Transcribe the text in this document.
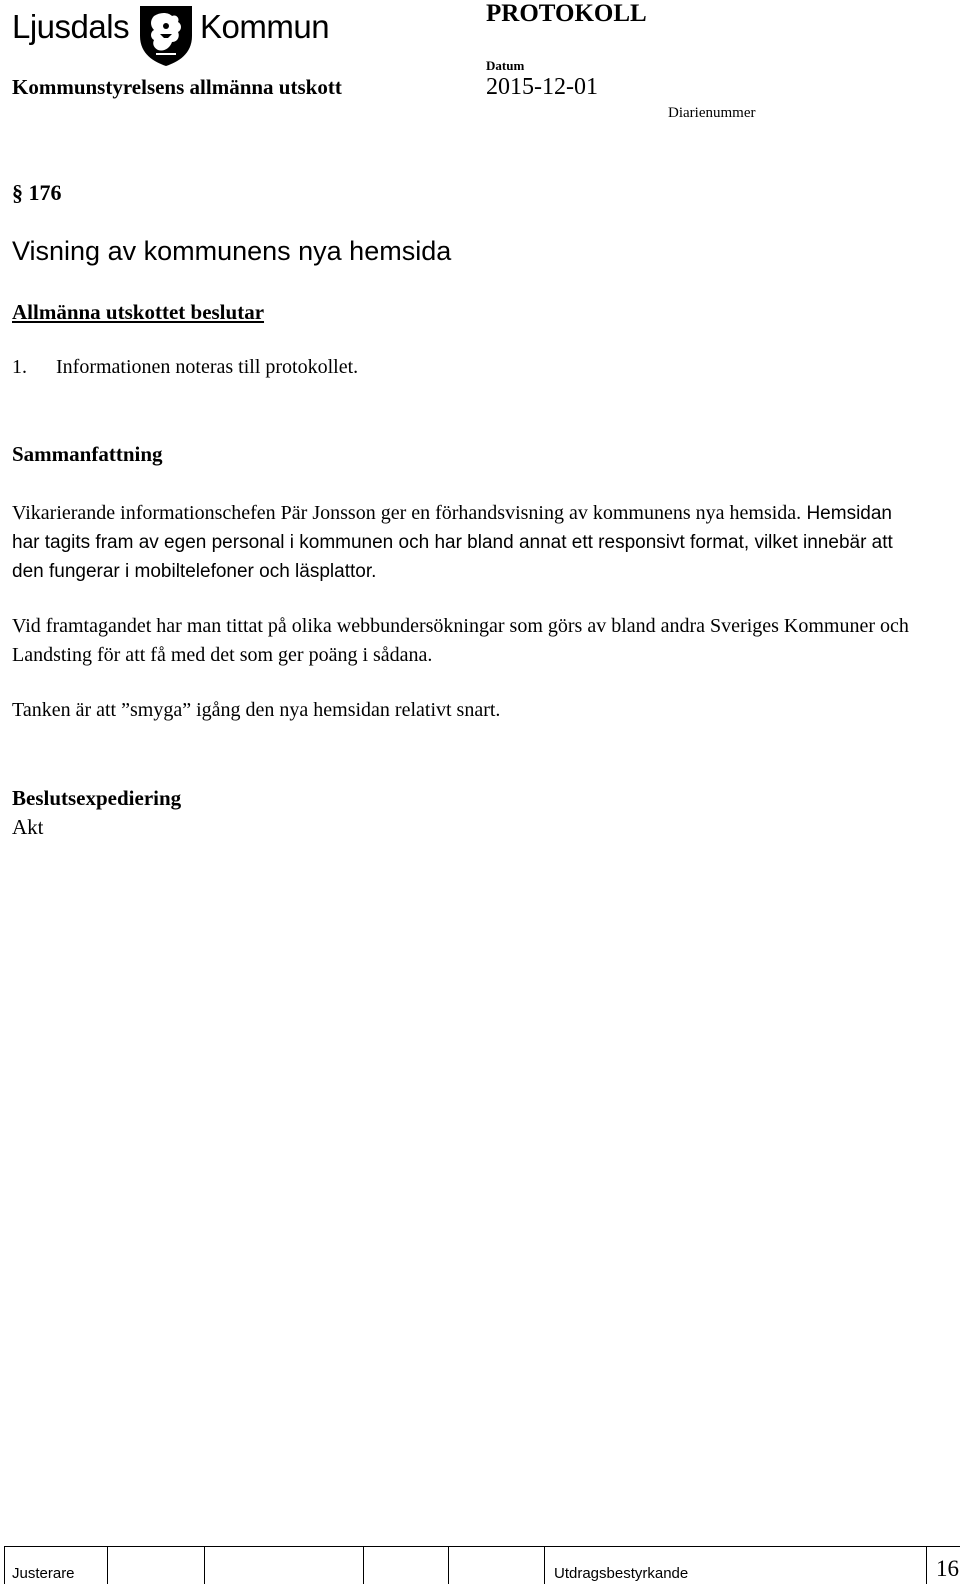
Ljusdals Kommun	PROTOKOLL
Kommunstyrelsens allmänna utskott
Datum
2015-12-01
Diarienummer
§ 176
Visning av kommunens nya hemsida
Allmänna utskottet beslutar
1. Informationen noteras till protokollet.
Sammanfattning

Vikarierande informationschefen Pär Jonsson ger en förhandsvisning av kommunens nya hemsida. Hemsidan har tagits fram av egen personal i kommunen och har bland annat ett responsivt format, vilket innebär att den fungerar i mobiltelefoner och läsplattor.

Vid framtagandet har man tittat på olika webbundersökningar som görs av bland andra Sveriges Kommuner och Landsting för att få med det som ger poäng i sådana.

Tanken är att ”smyga” igång den nya hemsidan relativt snart.

Beslutsexpediering
Akt
Justerare	Utdragsbestyrkande	16
